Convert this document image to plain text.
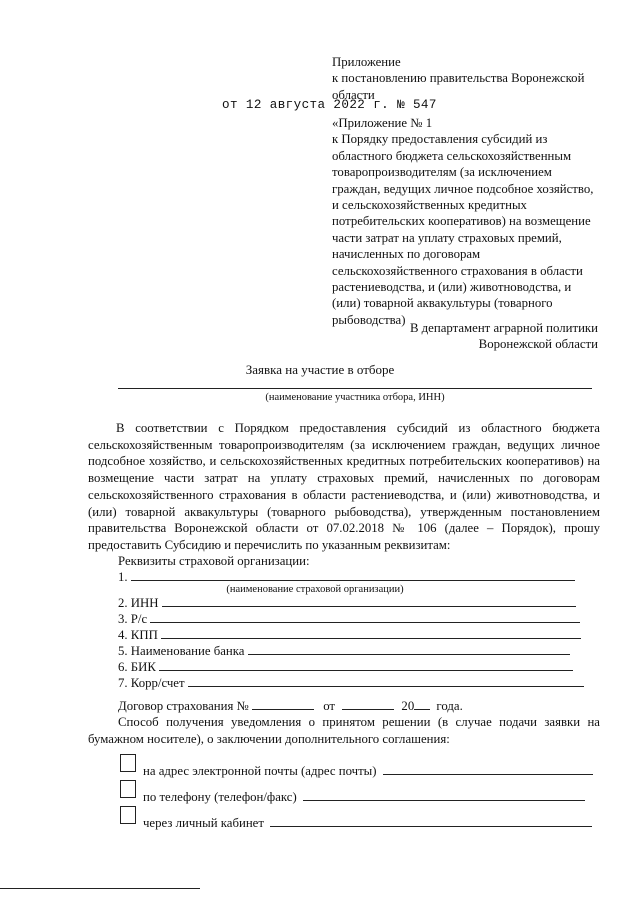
Приложение
к постановлению правительства Воронежской
области
от 12 августа 2022 г. № 547
«Приложение № 1
к Порядку предоставления субсидий из
областного бюджета сельскохозяйственным
товаропроизводителям (за исключением
граждан, ведущих личное подсобное хозяйство,
и сельскохозяйственных кредитных
потребительских кооперативов) на возмещение
части затрат на уплату страховых премий,
начисленных по договорам
сельскохозяйственного страхования в области
растениеводства, и (или) животноводства, и
(или) товарной аквакультуры (товарного
рыбоводства)
В департамент аграрной политики
Воронежской области
Заявка на участие в отборе
(наименование участника отбора, ИНН)
В соответствии с Порядком предоставления субсидий из областного бюджета сельскохозяйственным товаропроизводителям (за исключением граждан, ведущих личное подсобное хозяйство, и сельскохозяйственных кредитных потребительских кооперативов) на возмещение части затрат на уплату страховых премий, начисленных по договорам сельскохозяйственного страхования в области растениеводства, и (или) животноводства, и (или) товарной аквакультуры (товарного рыбоводства), утвержденным постановлением правительства Воронежской области от 07.02.2018 № 106 (далее – Порядок), прошу предоставить Субсидию и перечислить по указанным реквизитам:
Реквизиты страховой организации:
1.
(наименование страховой организации)
2. ИНН
3. Р/с
4. КПП
5. Наименование банка
6. БИК
7. Корр/счет
Договор страхования №	от	20 года.
Способ получения уведомления о принятом решении (в случае подачи заявки на бумажном носителе), о заключении дополнительного соглашения:
на адрес электронной почты (адрес почты)
по телефону (телефон/факс)
через личный кабинет
